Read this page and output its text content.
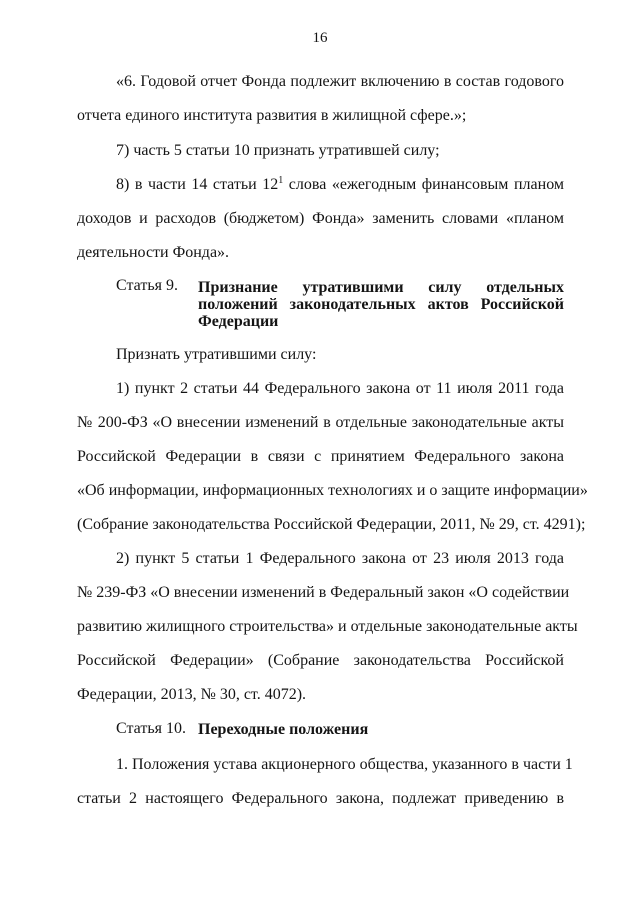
16
«6. Годовой отчет Фонда подлежит включению в состав годового
отчета единого института развития в жилищной сфере.»;
7) часть 5 статьи 10 признать утратившей силу;
8) в части 14 статьи $12^1$ слова «ежегодным финансовым планом
доходов и расходов (бюджетом) Фонда» заменить словами «планом
деятельности Фонда».
Статья 9. Признание утратившими силу отдельных
положений законодательных актов Российской
Федерации
Признать утратившими силу:
1) пункт 2 статьи 44 Федерального закона от 11 июля 2011 года
№ 200-ФЗ «О внесении изменений в отдельные законодательные акты
Российской Федерации в связи с принятием Федерального закона
«Об информации, информационных технологиях и о защите информации»
(Собрание законодательства Российской Федерации, 2011, № 29, ст. 4291);
2) пункт 5 статьи 1 Федерального закона от 23 июля 2013 года
№ 239-ФЗ «О внесении изменений в Федеральный закон «О содействии
развитию жилищного строительства» и отдельные законодательные акты
Российской Федерации» (Собрание законодательства Российской
Федерации, 2013, № 30, ст. 4072).
Статья 10. Переходные положения
1. Положения устава акционерного общества, указанного в части 1
статьи 2 настоящего Федерального закона, подлежат приведению в
